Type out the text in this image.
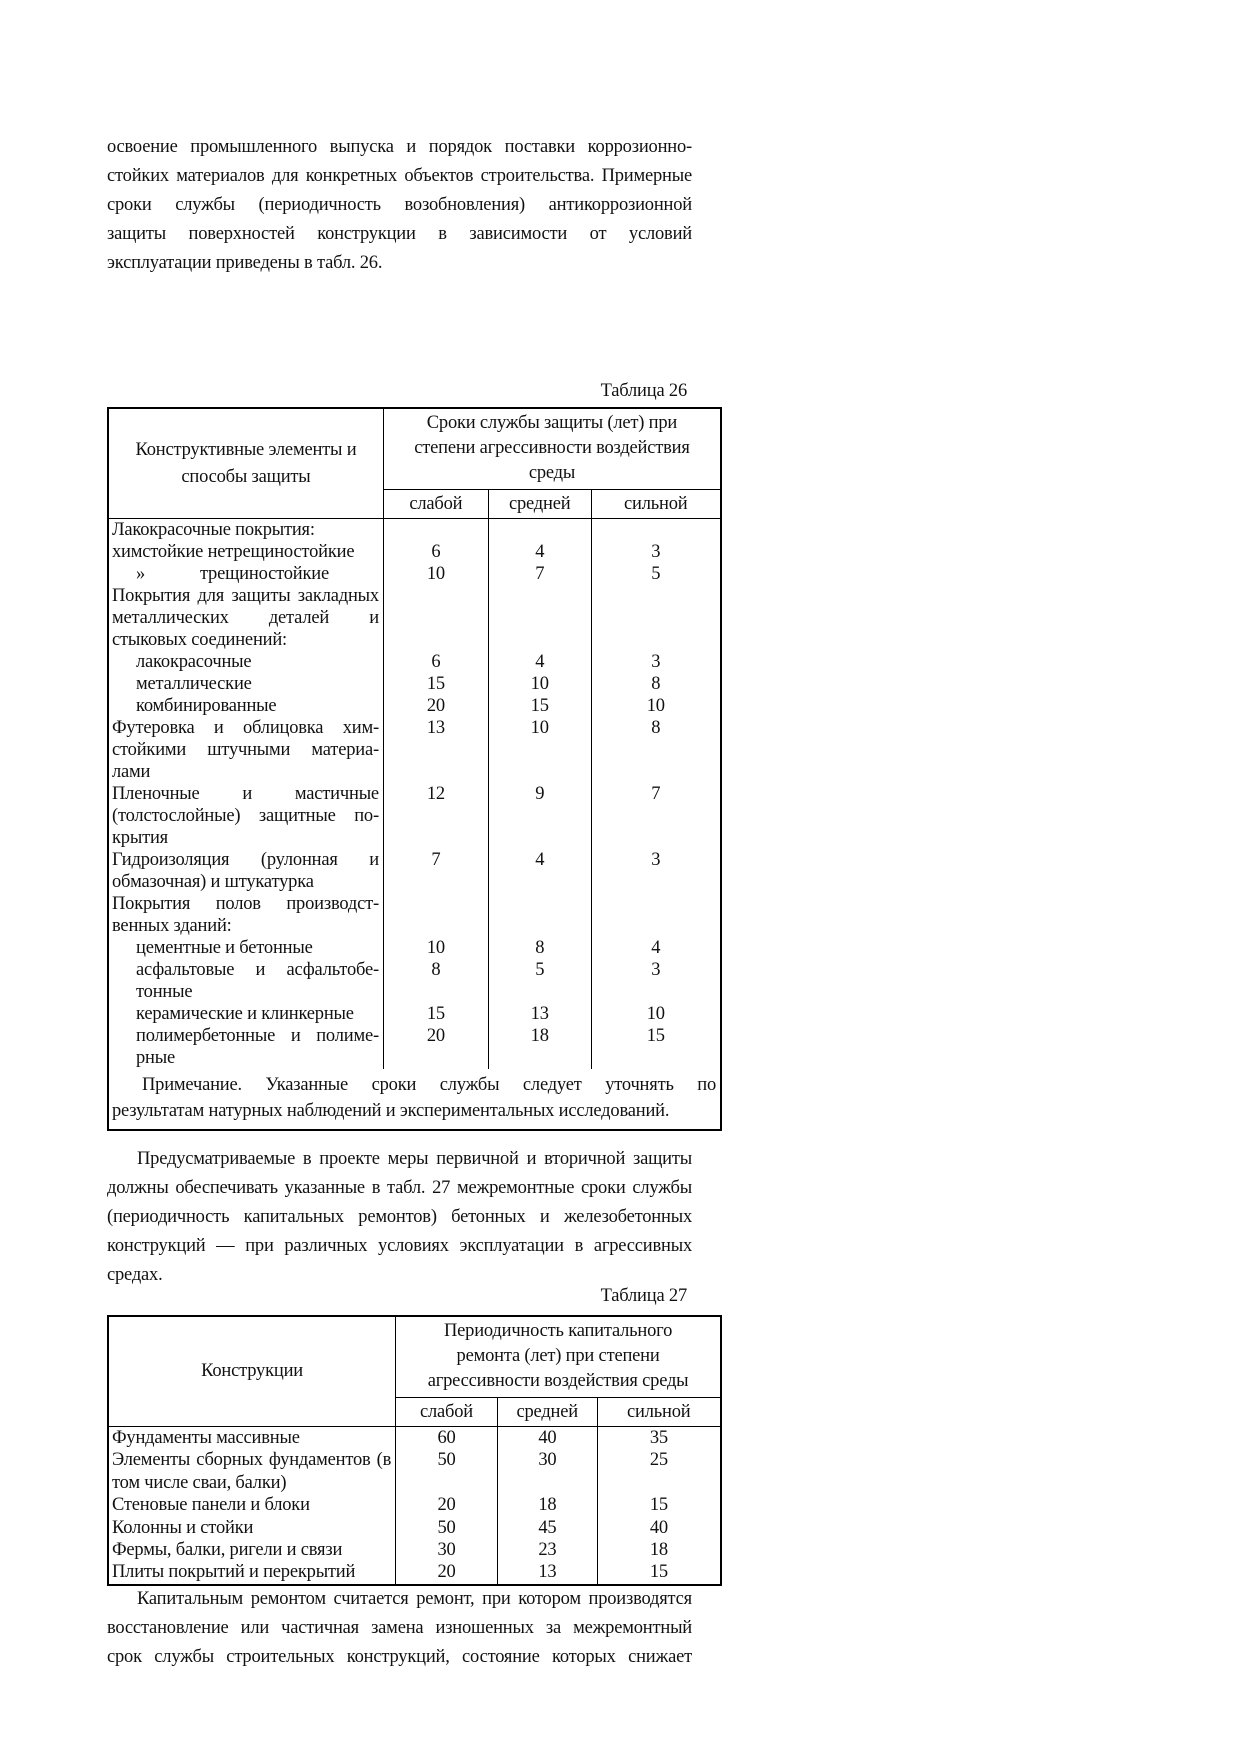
освоение промышленного выпуска и порядок поставки коррозионно-
стойких материалов для конкретных объектов строительства. Примерные
сроки службы (периодичность возобновления) антикоррозионной
защиты поверхностей конструкции в зависимости от условий
эксплуатации приведены в табл. 26.
Таблица 26
Конструктивные элементы и
способы защиты
Сроки службы защиты (лет) при
степени агрессивности воздействия
среды
слабой	средней	сильной
Лакокрасочные покрытия:
химстойкие нетрещиностойкие	6	4	3
»   трещиностойкие	10	7	5
Покрытия для защиты закладных
металлических деталей и
стыковых соединений:
лакокрасочные	6	4	3
металлические	15	10	8
комбинированные	20	15	10
Футеровка и облицовка хим-
стойкими штучными материа-
лами
13	10	8
Пленочные и мастичные
(толстослойные) защитные по-
крытия
12	9	7
Гидроизоляция (рулонная и
обмазочная) и штукатурка
7	4	3
Покрытия полов производст-
венных зданий:
цементные и бетонные	10	8	4
асфальтовые и асфальтобе-
тонные
8	5	3
керамические и клинкерные	15	13	10
полимербетонные и полиме-
рные
20	18	15
Примечание. Указанные сроки службы следует уточнять по
результатам натурных наблюдений и экспериментальных исследований.
Предусматриваемые в проекте меры первичной и вторичной защиты
должны обеспечивать указанные в табл. 27 межремонтные сроки службы
(периодичность капитальных ремонтов) бетонных и железобетонных
конструкций — при различных условиях эксплуатации в агрессивных
средах.
Таблица 27
Конструкции
Периодичность капитального
ремонта (лет) при степени
агрессивности воздействия среды
слабой	средней	сильной
Фундаменты массивные	60	40	35
Элементы сборных фундаментов (в
том числе сваи, балки)
50	30	25
Стеновые панели и блоки	20	18	15
Колонны и стойки	50	45	40
Фермы, балки, ригели и связи	30	23	18
Плиты покрытий и перекрытий	20	13	15
Капитальным ремонтом считается ремонт, при котором производятся
восстановление или частичная замена изношенных за межремонтный
срок службы строительных конструкций, состояние которых снижает
